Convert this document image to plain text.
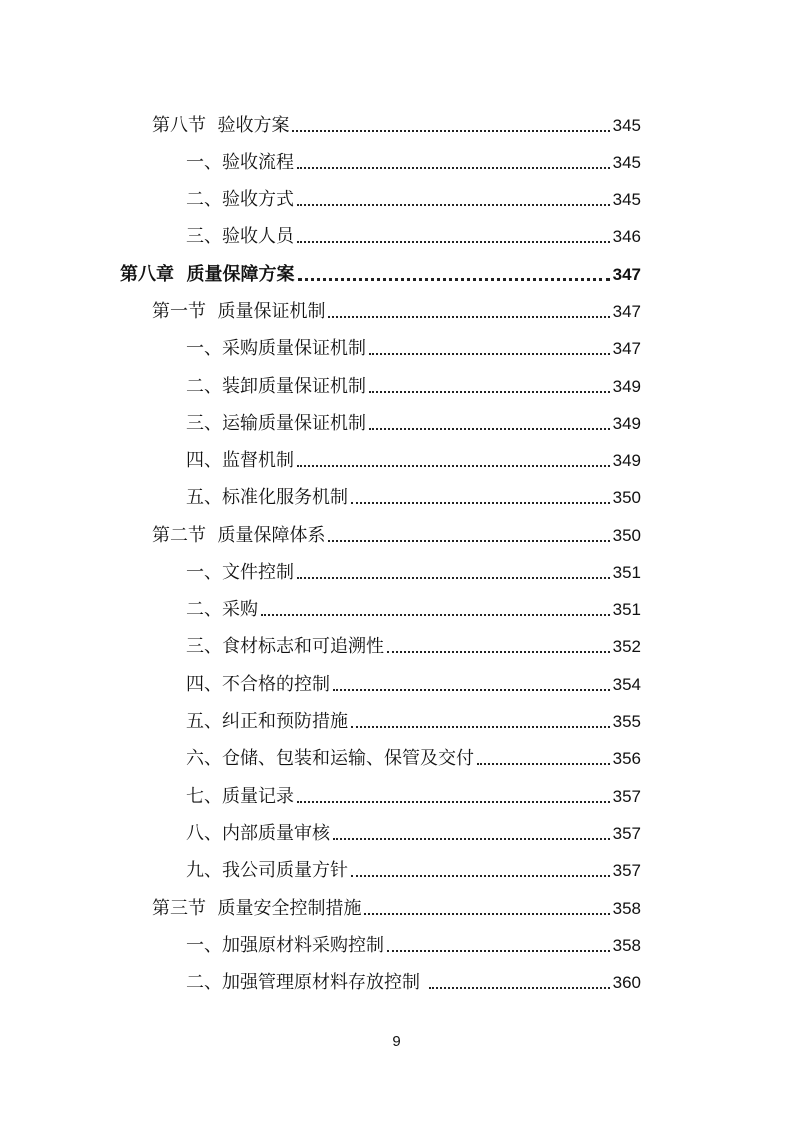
第八节  验收方案	345
一、验收流程	345
二、验收方式	345
三、验收人员	346
第八章  质量保障方案	347
第一节  质量保证机制	347
一、采购质量保证机制	347
二、装卸质量保证机制	349
三、运输质量保证机制	349
四、监督机制	349
五、标准化服务机制	350
第二节  质量保障体系	350
一、文件控制	351
二、采购	351
三、食材标志和可追溯性	352
四、不合格的控制	354
五、纠正和预防措施	355
六、仓储、包装和运输、保管及交付	356
七、质量记录	357
八、内部质量审核	357
九、我公司质量方针	357
第三节  质量安全控制措施	358
一、加强原材料采购控制	358
二、加强管理原材料存放控制	360
9
